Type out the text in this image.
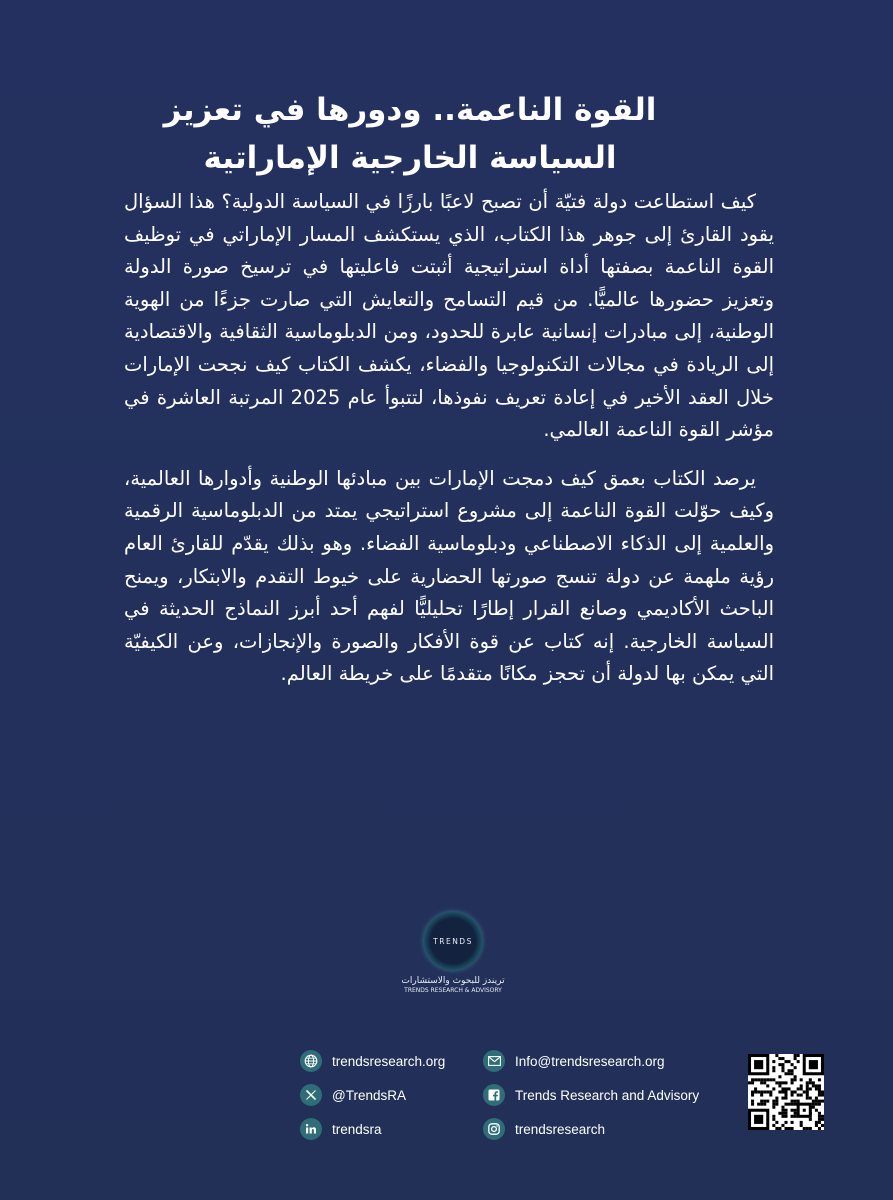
القوة الناعمة.. ودورها في تعزيز
السياسة الخارجية الإماراتية

كيف استطاعت دولة فتيّة أن تصبح لاعبًا بارزًا في السياسة الدولية؟ هذا السؤال يقود القارئ إلى جوهر هذا الكتاب، الذي يستكشف المسار الإماراتي في توظيف القوة الناعمة بصفتها أداة استراتيجية أثبتت فاعليتها في ترسيخ صورة الدولة وتعزيز حضورها عالميًّا. من قيم التسامح والتعايش التي صارت جزءًا من الهوية الوطنية، إلى مبادرات إنسانية عابرة للحدود، ومن الدبلوماسية الثقافية والاقتصادية إلى الريادة في مجالات التكنولوجيا والفضاء، يكشف الكتاب كيف نجحت الإمارات خلال العقد الأخير في إعادة تعريف نفوذها، لتتبوأ عام 2025 المرتبة العاشرة في مؤشر القوة الناعمة العالمي.

يرصد الكتاب بعمق كيف دمجت الإمارات بين مبادئها الوطنية وأدوارها العالمية، وكيف حوّلت القوة الناعمة إلى مشروع استراتيجي يمتد من الدبلوماسية الرقمية والعلمية إلى الذكاء الاصطناعي ودبلوماسية الفضاء. وهو بذلك يقدّم للقارئ العام رؤية ملهمة عن دولة تنسج صورتها الحضارية على خيوط التقدم والابتكار، ويمنح الباحث الأكاديمي وصانع القرار إطارًا تحليليًّا لفهم أحد أبرز النماذج الحديثة في السياسة الخارجية. إنه كتاب عن قوة الأفكار والصورة والإنجازات، وعن الكيفيّة التي يمكن بها لدولة أن تحجز مكانًا متقدمًا على خريطة العالم.

TRENDS
تريندز للبحوث والاستشارات
TRENDS RESEARCH & ADVISORY
trendsresearch.org
@TrendsRA
trendsra
Info@trendsresearch.org
Trends Research and Advisory
trendsresearch
